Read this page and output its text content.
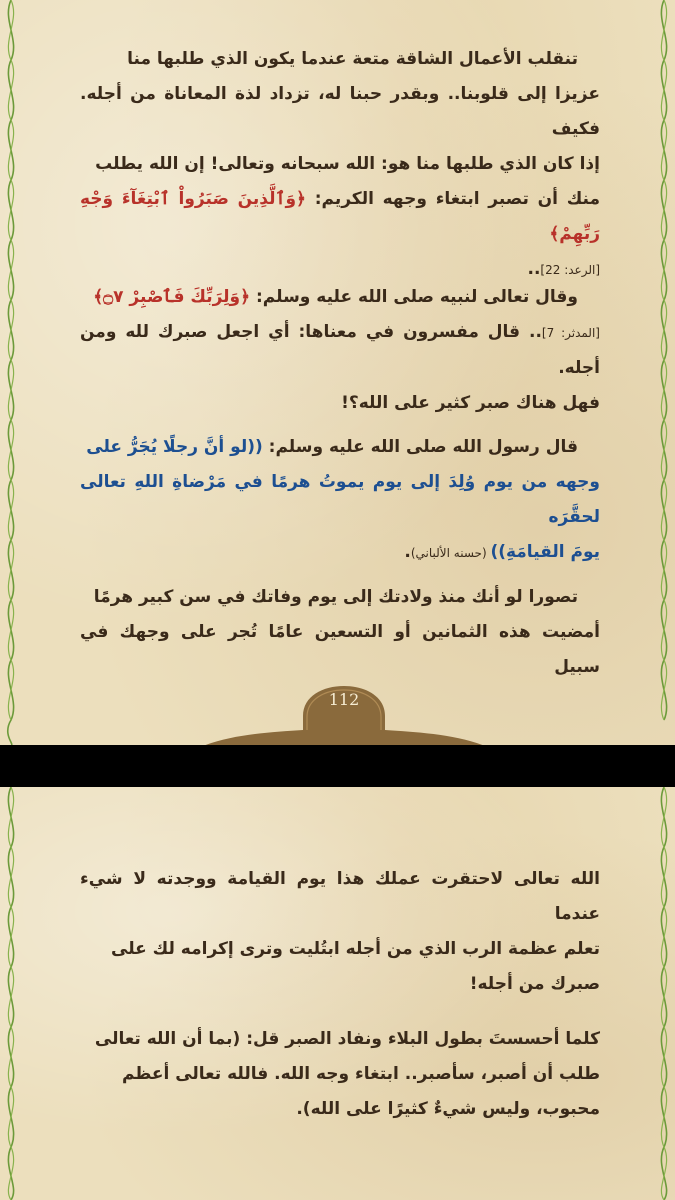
تنقلب الأعمال الشاقة متعة عندما يكون الذي طلبها منا
عزيزا إلى قلوبنا.. وبقدر حبنا له، تزداد لذة المعاناة من أجله. فكيف
إذا كان الذي طلبها منا هو: الله سبحانه وتعالى! إن الله يطلب
منك أن تصبر ابتغاء وجهه الكريم: ﴿وَٱلَّذِينَ صَبَرُواْ ٱبْتِغَآءَ وَجْهِ رَبِّهِمْ﴾
[الرعد: 22]..
وقال تعالى لنبيه صلى الله عليه وسلم: ﴿وَلِرَبِّكَ فَٱصْبِرْ ۝٧﴾
[المدثر: 7].. قال مفسرون في معناها: أي اجعل صبرك لله ومن أجله.
فهل هناك صبر كثير على الله؟!
قال رسول الله صلى الله عليه وسلم: ((لو أنَّ رجلًا يُجَرُّ على
وجهه من يوم وُلِدَ إلى يوم يموتُ هرمًا في مَرْضاةِ اللهِ تعالى لحقَّرَه
يومَ القيامَةِ)) (حسنه الألباني).
تصورا لو أنك منذ ولادتك إلى يوم وفاتك في سن كبير هرمًا
أمضيت هذه الثمانين أو التسعين عامًا تُجر على وجهك في سبيل
112
الله تعالى لاحتقرت عملك هذا يوم القيامة ووجدته لا شيء عندما
تعلم عظمة الرب الذي من أجله ابتُليت وترى إكرامه لك على
صبرك من أجله!
كلما أحسستَ بطول البلاء ونفاد الصبر قل: (بما أن الله تعالى
طلب أن أصبر، سأصبر.. ابتغاء وجه الله. فالله تعالى أعظم
محبوب، وليس شيءٌ كثيرًا على الله).
